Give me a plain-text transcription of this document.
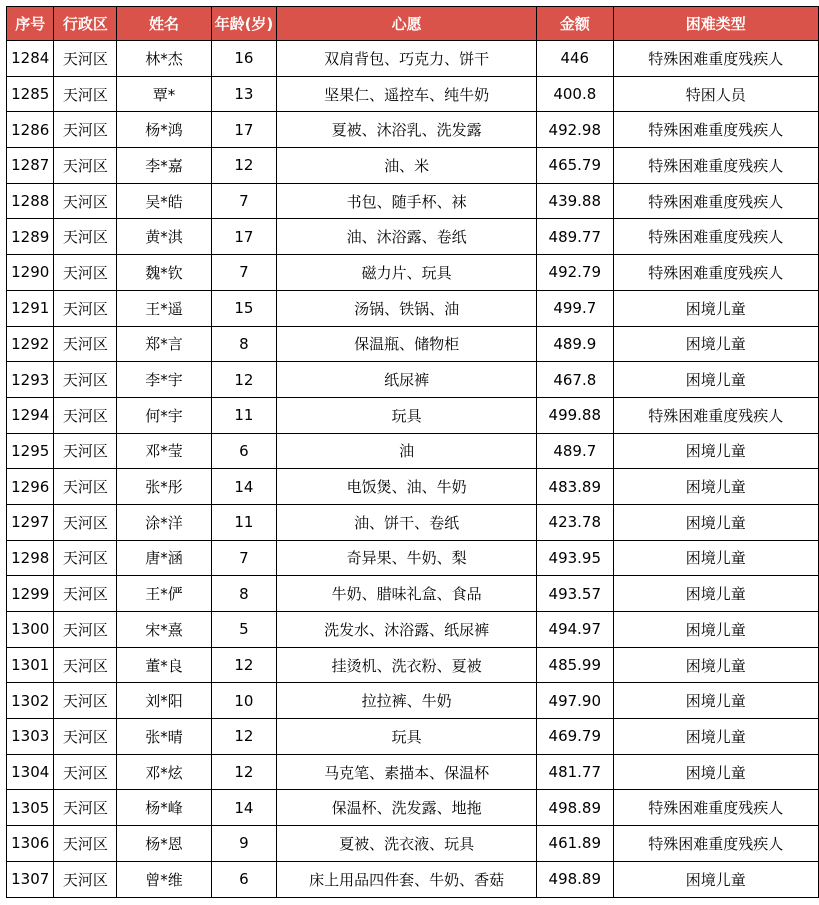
序号	行政区	姓名	年龄(岁)	心愿	金额	困难类型
1284	天河区	林*杰	16	双肩背包、巧克力、饼干	446	特殊困难重度残疾人
1285	天河区	覃*	13	坚果仁、遥控车、纯牛奶	400.8	特困人员
1286	天河区	杨*鸿	17	夏被、沐浴乳、洗发露	492.98	特殊困难重度残疾人
1287	天河区	李*嘉	12	油、米	465.79	特殊困难重度残疾人
1288	天河区	吴*皓	7	书包、随手杯、袜	439.88	特殊困难重度残疾人
1289	天河区	黄*淇	17	油、沐浴露、卷纸	489.77	特殊困难重度残疾人
1290	天河区	魏*钦	7	磁力片、玩具	492.79	特殊困难重度残疾人
1291	天河区	王*遥	15	汤锅、铁锅、油	499.7	困境儿童
1292	天河区	郑*言	8	保温瓶、储物柜	489.9	困境儿童
1293	天河区	李*宇	12	纸尿裤	467.8	困境儿童
1294	天河区	何*宇	11	玩具	499.88	特殊困难重度残疾人
1295	天河区	邓*莹	6	油	489.7	困境儿童
1296	天河区	张*彤	14	电饭煲、油、牛奶	483.89	困境儿童
1297	天河区	涂*洋	11	油、饼干、卷纸	423.78	困境儿童
1298	天河区	唐*涵	7	奇异果、牛奶、梨	493.95	困境儿童
1299	天河区	王*俨	8	牛奶、腊味礼盒、食品	493.57	困境儿童
1300	天河区	宋*熹	5	洗发水、沐浴露、纸尿裤	494.97	困境儿童
1301	天河区	董*良	12	挂烫机、洗衣粉、夏被	485.99	困境儿童
1302	天河区	刘*阳	10	拉拉裤、牛奶	497.90	困境儿童
1303	天河区	张*晴	12	玩具	469.79	困境儿童
1304	天河区	邓*炫	12	马克笔、素描本、保温杯	481.77	困境儿童
1305	天河区	杨*峰	14	保温杯、洗发露、地拖	498.89	特殊困难重度残疾人
1306	天河区	杨*恩	9	夏被、洗衣液、玩具	461.89	特殊困难重度残疾人
1307	天河区	曾*维	6	床上用品四件套、牛奶、香菇	498.89	困境儿童
